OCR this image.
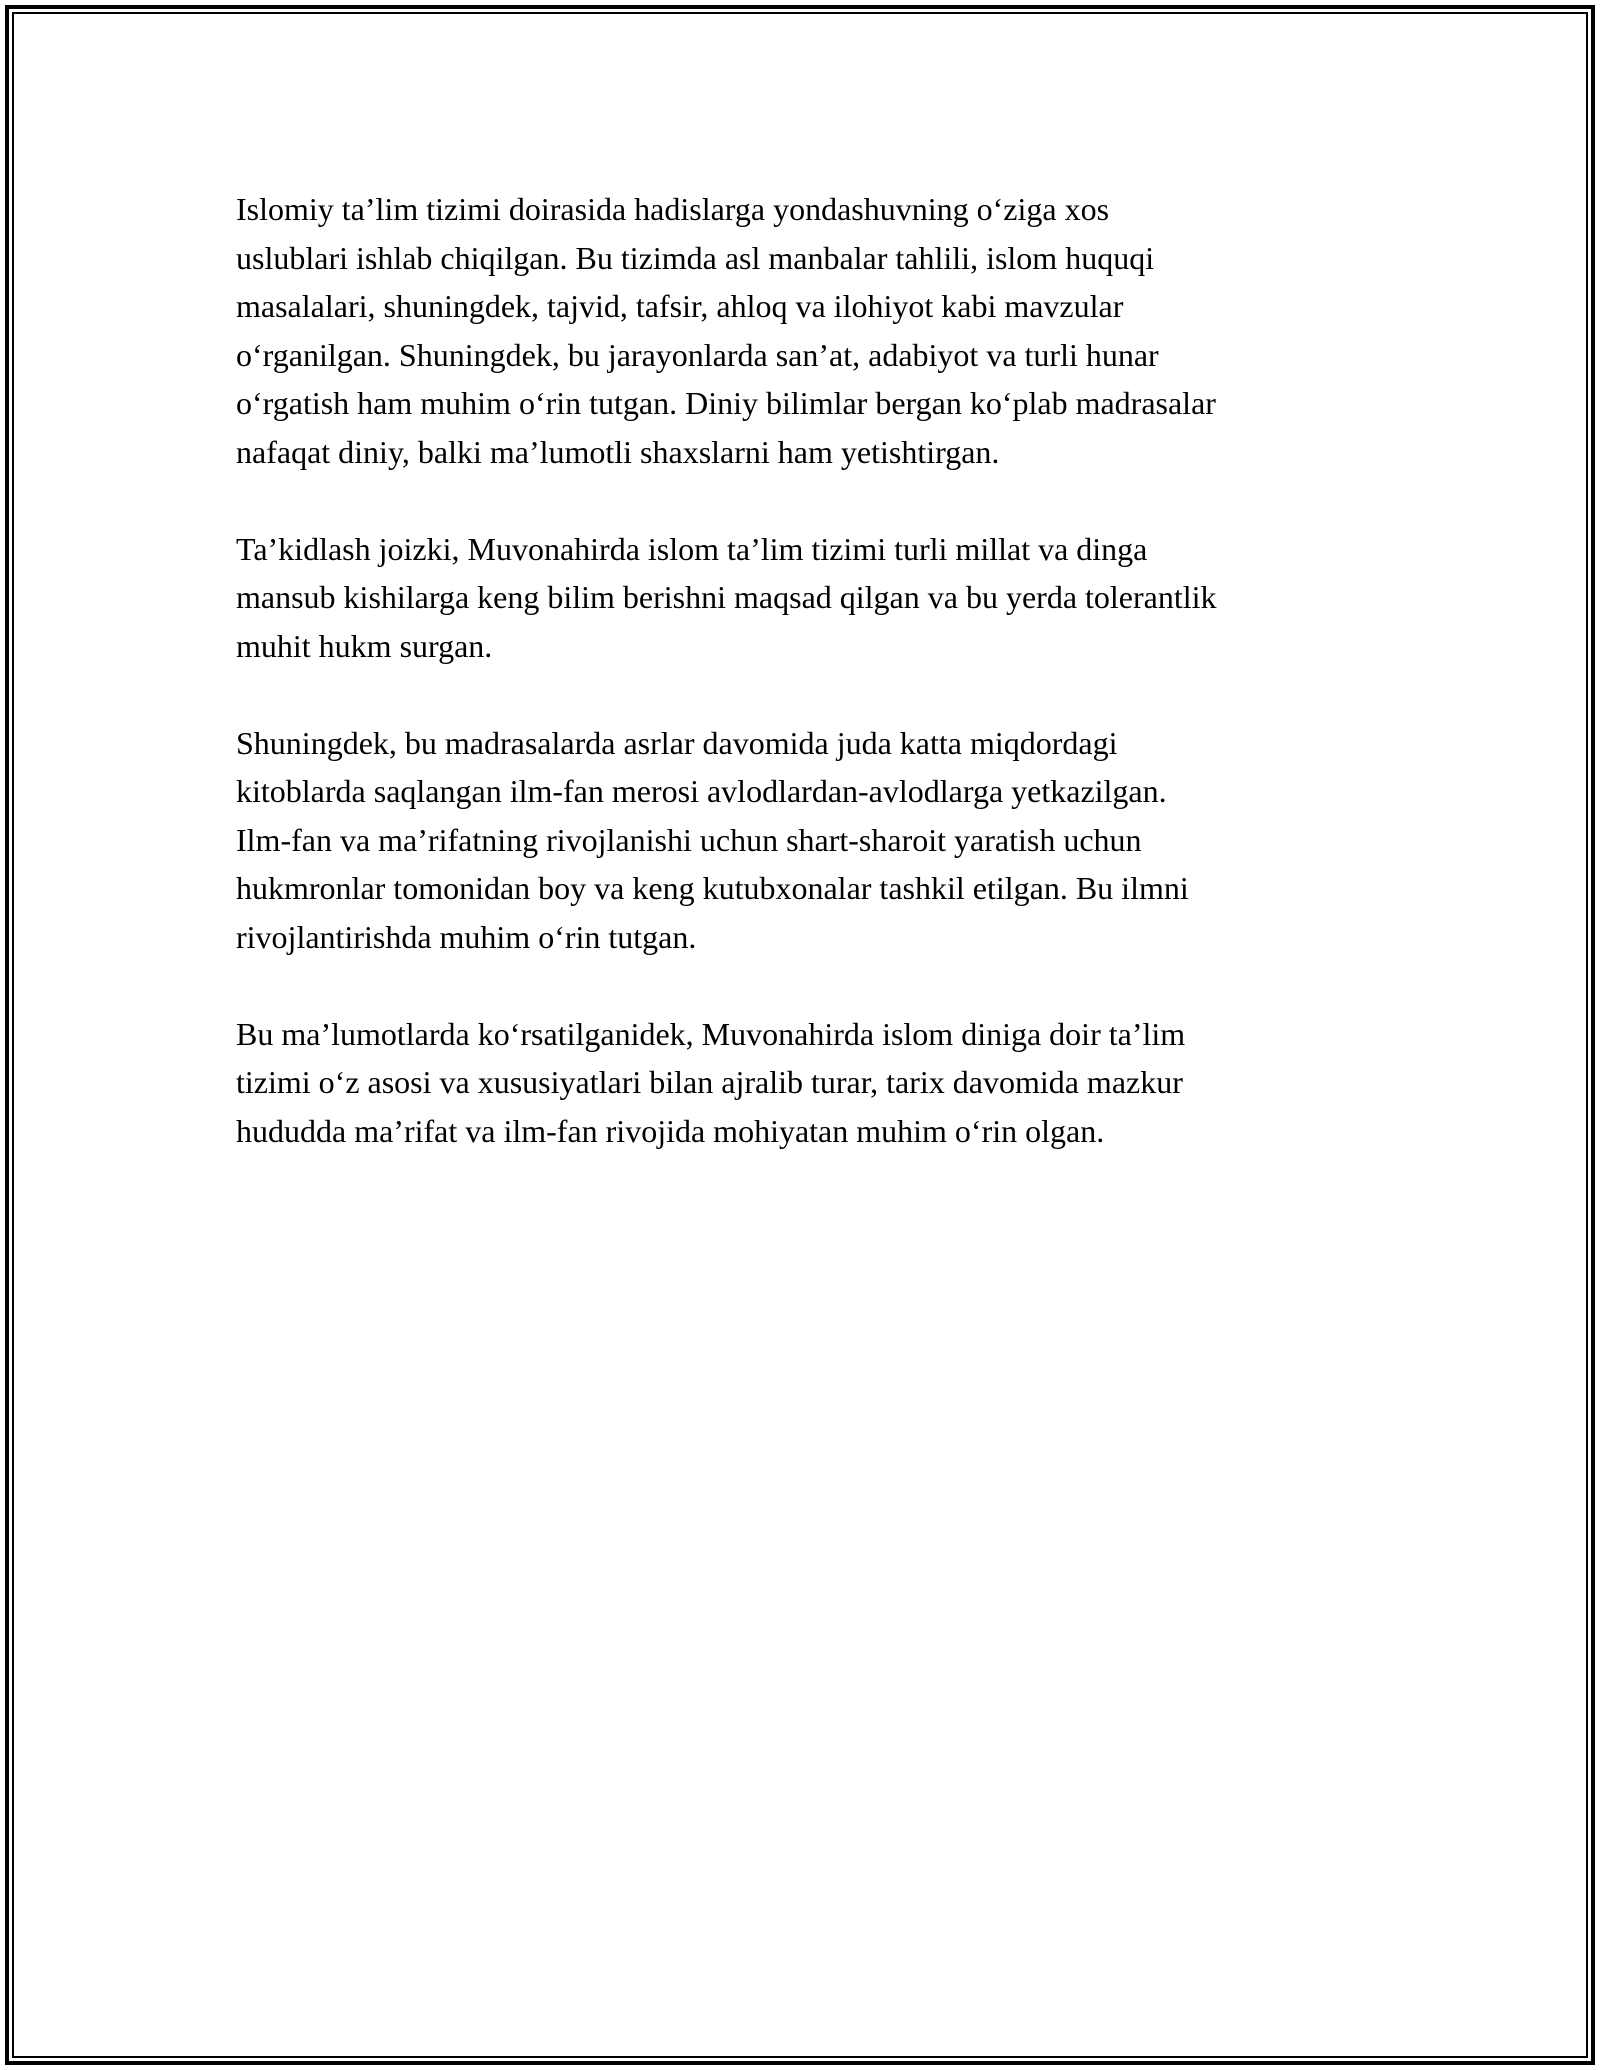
Islomiy ta’lim tizimi doirasida hadislarga yondashuvning o‘ziga xos
uslublari ishlab chiqilgan. Bu tizimda asl manbalar tahlili, islom huquqi
masalalari, shuningdek, tajvid, tafsir, ahloq va ilohiyot kabi mavzular
o‘rganilgan. Shuningdek, bu jarayonlarda san’at, adabiyot va turli hunar
o‘rgatish ham muhim o‘rin tutgan. Diniy bilimlar bergan ko‘plab madrasalar
nafaqat diniy, balki ma’lumotli shaxslarni ham yetishtirgan.

Ta’kidlash joizki, Muvonahirda islom ta’lim tizimi turli millat va dinga
mansub kishilarga keng bilim berishni maqsad qilgan va bu yerda tolerantlik
muhit hukm surgan.

Shuningdek, bu madrasalarda asrlar davomida juda katta miqdordagi
kitoblarda saqlangan ilm-fan merosi avlodlardan-avlodlarga yetkazilgan.
Ilm-fan va ma’rifatning rivojlanishi uchun shart-sharoit yaratish uchun
hukmronlar tomonidan boy va keng kutubxonalar tashkil etilgan. Bu ilmni
rivojlantirishda muhim o‘rin tutgan.

Bu ma’lumotlarda ko‘rsatilganidek, Muvonahirda islom diniga doir ta’lim
tizimi o‘z asosi va xususiyatlari bilan ajralib turar, tarix davomida mazkur
hududda ma’rifat va ilm-fan rivojida mohiyatan muhim o‘rin olgan.
